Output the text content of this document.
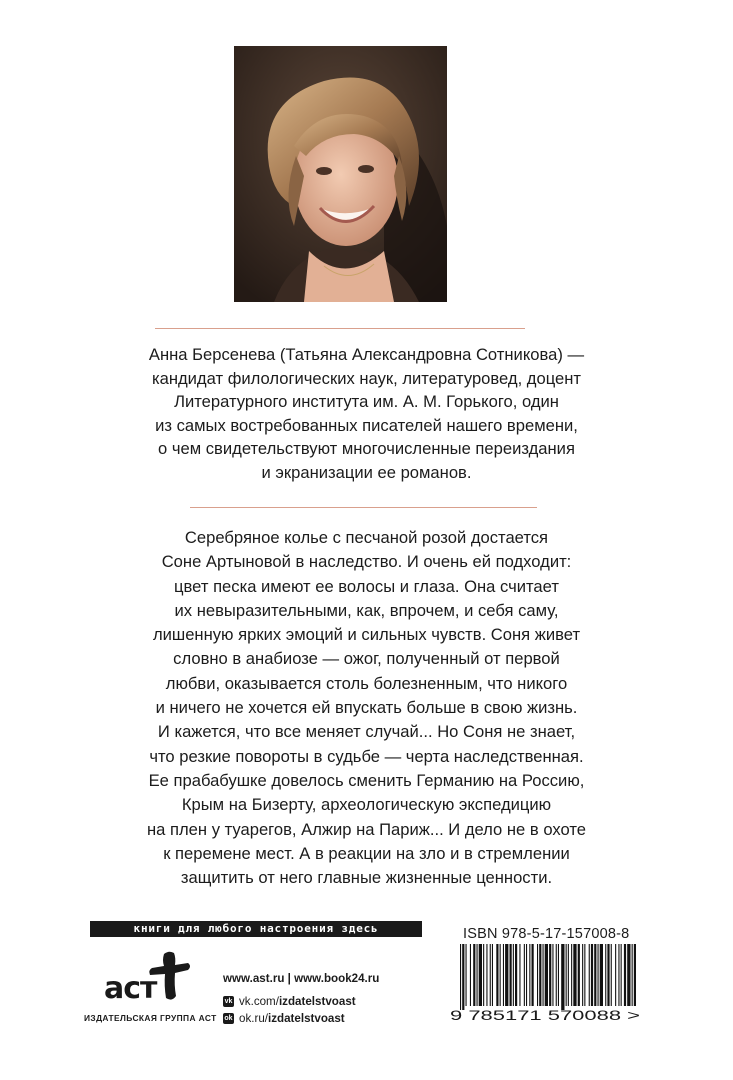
Анна Берсенева (Татьяна Александровна Сотникова) —
кандидат филологических наук, литературовед, доцент
Литературного института им. А. М. Горького, один
из самых востребованных писателей нашего времени,
о чем свидетельствуют многочисленные переиздания
и экранизации ее романов.
Серебряное колье с песчаной розой достается
Соне Артыновой в наследство. И очень ей подходит:
цвет песка имеют ее волосы и глаза. Она считает
их невыразительными, как, впрочем, и себя саму,
лишенную ярких эмоций и сильных чувств. Соня живет
словно в анабиозе — ожог, полученный от первой
любви, оказывается столь болезненным, что никого
и ничего не хочется ей впускать больше в свою жизнь.
И кажется, что все меняет случай... Но Соня не знает,
что резкие повороты в судьбе — черта наследственная.
Ее прабабушке довелось сменить Германию на Россию,
Крым на Бизерту, археологическую экспедицию
на плен у туарегов, Алжир на Париж... И дело не в охоте
к перемене мест. А в реакции на зло и в стремлении
защитить от него главные жизненные ценности.
книги для любого настроения здесь
аст
ИЗДАТЕЛЬСКАЯ ГРУППА АСТ
www.ast.ru | www.book24.ru
vk vk.com/ izdatelstvoast
ok ok.ru/ izdatelstvoast
ISBN 978-5-17-157008-8
9 785171 570088 >
